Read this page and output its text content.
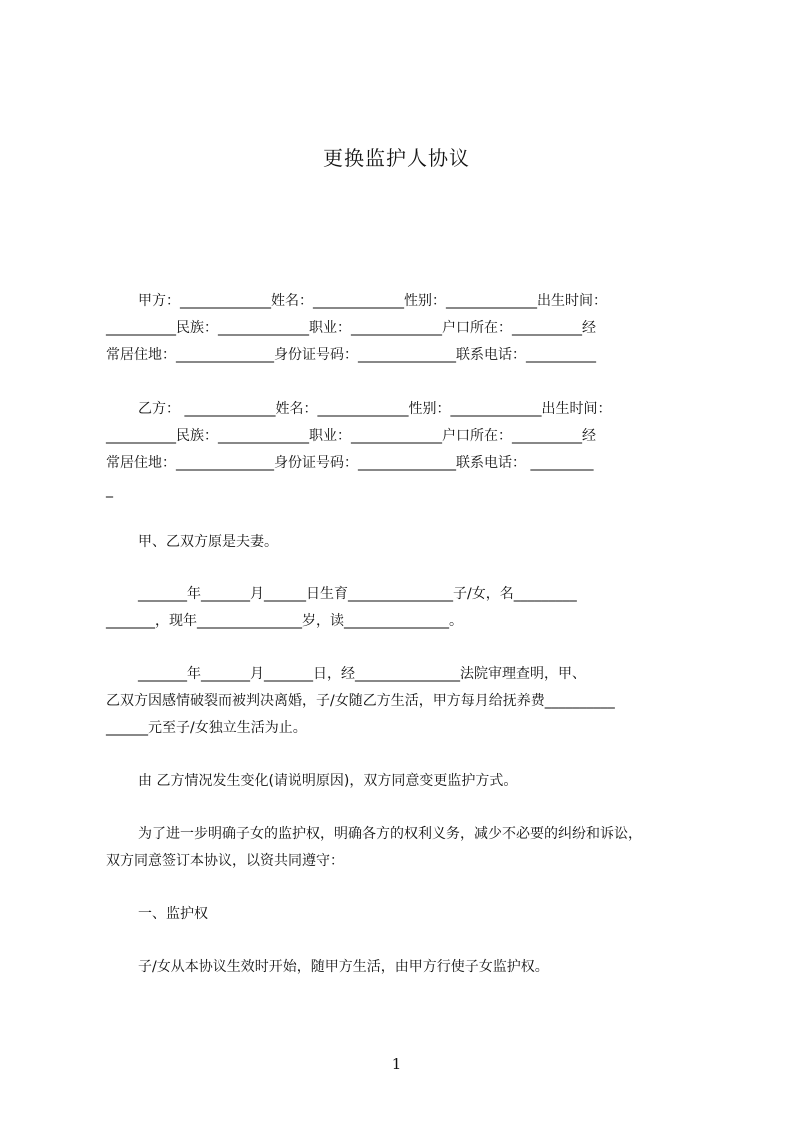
更换监护人协议

甲方：_____________姓名：_____________性别：_____________出生时间：

__________民族：_____________职业：_____________户口所在：__________经

常居住地：______________身份证号码：______________联系电话：__________

乙方： _____________姓名：_____________性别：_____________出生时间：

__________民族：_____________职业：_____________户口所在：__________经

常居住地：______________身份证号码：______________联系电话： _________

_

甲、乙双方原是夫妻。

_______年_______月______日生育_______________子/女，名_________

_______，现年_______________岁，读_______________。

_______年_______月_______日，经_______________法院审理查明，甲、

乙双方因感情破裂而被判决离婚，子/女随乙方生活，甲方每月给抚养费__________

______元至子/女独立生活为止。

由 乙方情况发生变化(请说明原因)，双方同意变更监护方式。

为了进一步明确子女的监护权，明确各方的权利义务，减少不必要的纠纷和诉讼，

双方同意签订本协议，以资共同遵守：

一、监护权

子/女从本协议生效时开始，随甲方生活，由甲方行使子女监护权。

1
